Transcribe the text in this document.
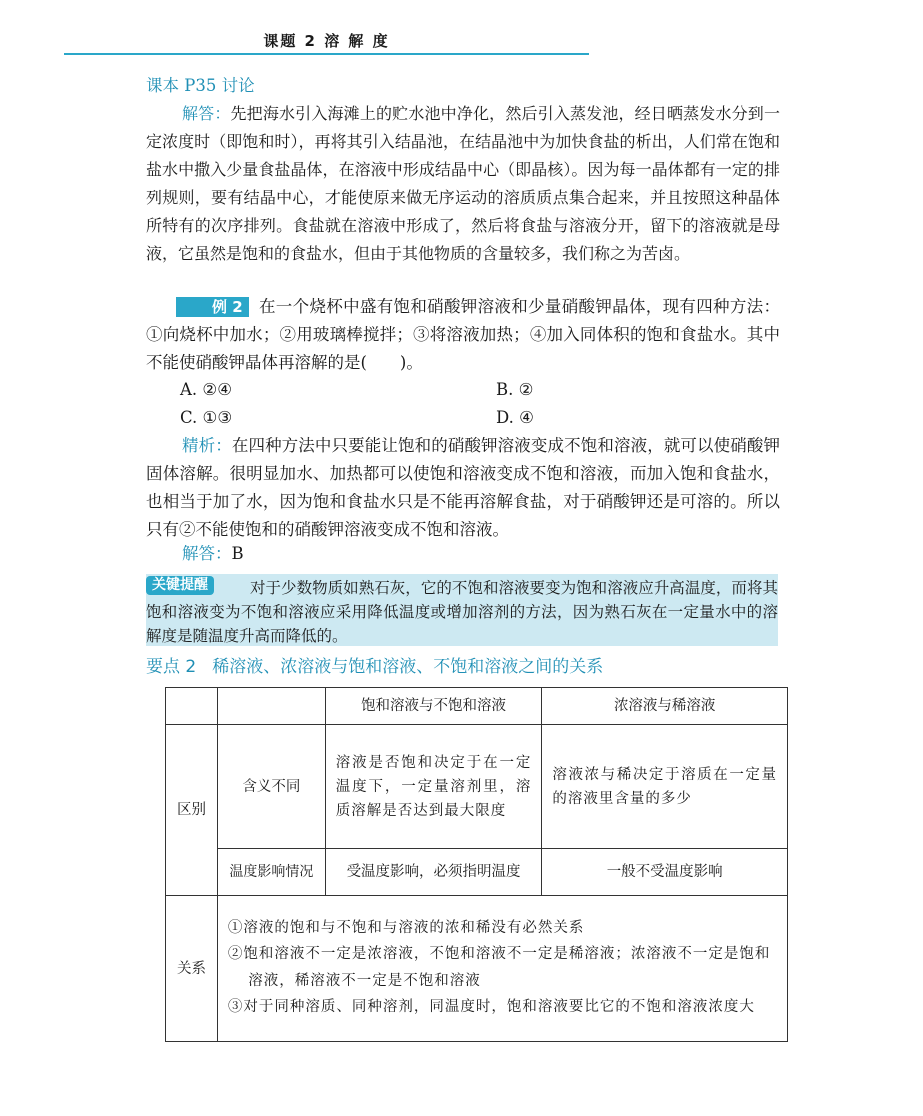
课题 2 溶 解 度
课本 P35 讨论
解答：先把海水引入海滩上的贮水池中净化，然后引入蒸发池，经日晒蒸发水分到一定浓度时（即饱和时），再将其引入结晶池，在结晶池中为加快食盐的析出，人们常在饱和盐水中撒入少量食盐晶体，在溶液中形成结晶中心（即晶核）。因为每一晶体都有一定的排列规则，要有结晶中心，才能使原来做无序运动的溶质质点集合起来，并且按照这种晶体所特有的次序排列。食盐就在溶液中形成了，然后将食盐与溶液分开，留下的溶液就是母液，它虽然是饱和的食盐水，但由于其他物质的含量较多，我们称之为苦卤。
例 2 在一个烧杯中盛有饱和硝酸钾溶液和少量硝酸钾晶体，现有四种方法：①向烧杯中加水；②用玻璃棒搅拌；③将溶液加热；④加入同体积的饱和食盐水。其中不能使硝酸钾晶体再溶解的是(　　)。
A. ②④	B. ②
C. ①③	D. ④
精析：在四种方法中只要能让饱和的硝酸钾溶液变成不饱和溶液，就可以使硝酸钾固体溶解。很明显加水、加热都可以使饱和溶液变成不饱和溶液，而加入饱和食盐水，也相当于加了水，因为饱和食盐水只是不能再溶解食盐，对于硝酸钾还是可溶的。所以只有②不能使饱和的硝酸钾溶液变成不饱和溶液。
解答：B
关键提醒	对于少数物质如熟石灰，它的不饱和溶液要变为饱和溶液应升高温度，而将其饱和溶液变为不饱和溶液应采用降低温度或增加溶剂的方法，因为熟石灰在一定量水中的溶解度是随温度升高而降低的。
要点 2 稀溶液、浓溶液与饱和溶液、不饱和溶液之间的关系
		饱和溶液与不饱和溶液	浓溶液与稀溶液
区别	含义不同	溶液是否饱和决定于在一定温度下，一定量溶剂里，溶质溶解是否达到最大限度	溶液浓与稀决定于溶质在一定量的溶液里含量的多少
	温度影响情况	受温度影响，必须指明温度	一般不受温度影响
关系	①溶液的饱和与不饱和与溶液的浓和稀没有必然关系
②饱和溶液不一定是浓溶液，不饱和溶液不一定是稀溶液；浓溶液不一定是饱和溶液，稀溶液不一定是不饱和溶液
③对于同种溶质、同种溶剂，同温度时，饱和溶液要比它的不饱和溶液浓度大		
